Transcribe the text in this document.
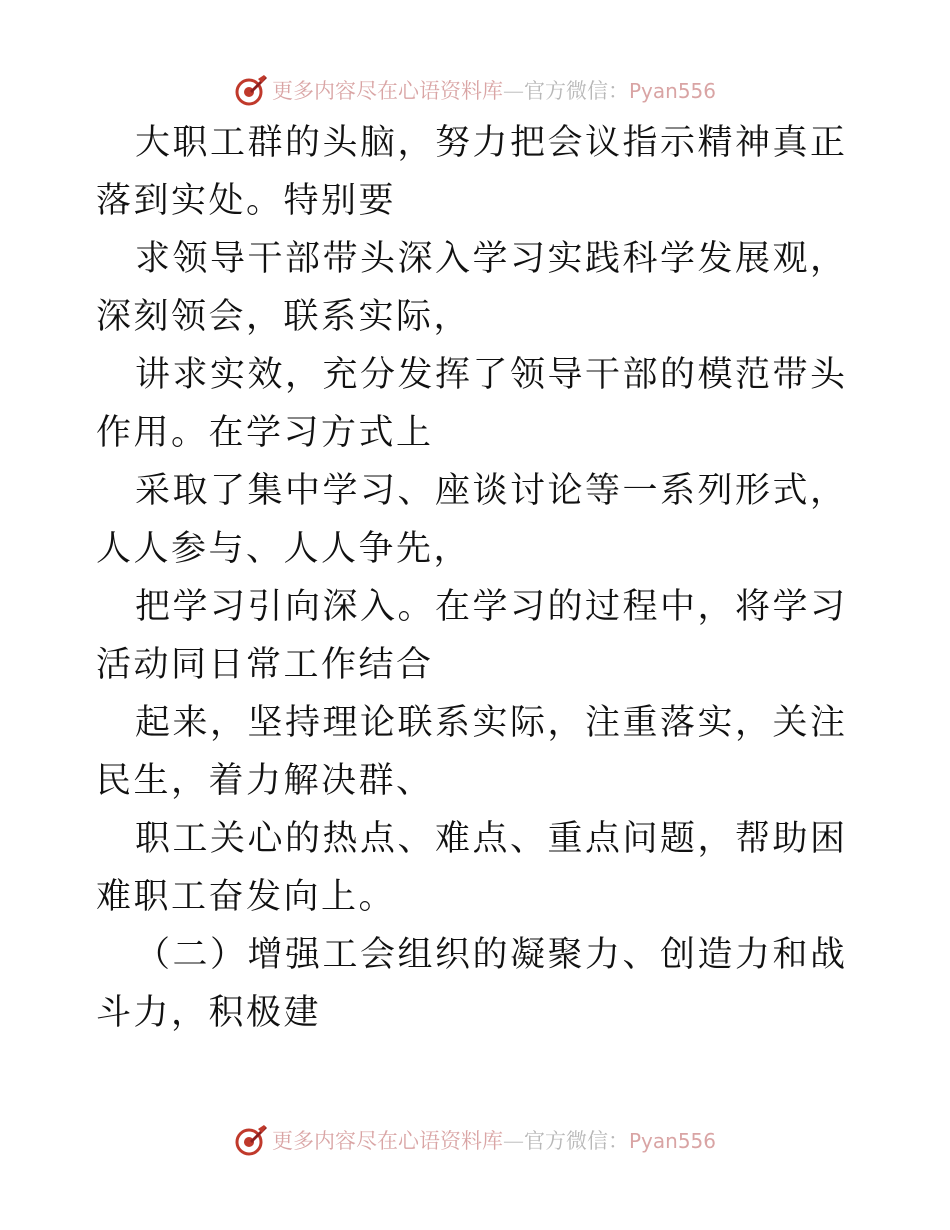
更多内容尽在心语资料库—官方微信：Pyan556

大职工群的头脑，努力把会议指示精神真正落到实处。特别要

求领导干部带头深入学习实践科学发展观，深刻领会，联系实际，

讲求实效，充分发挥了领导干部的模范带头作用。在学习方式上

采取了集中学习、座谈讨论等一系列形式，人人参与、人人争先，

把学习引向深入。在学习的过程中，将学习活动同日常工作结合

起来，坚持理论联系实际，注重落实，关注民生，着力解决群、

职工关心的热点、难点、重点问题，帮助困难职工奋发向上。

（二）增强工会组织的凝聚力、创造力和战斗力，积极建

更多内容尽在心语资料库—官方微信：Pyan556
